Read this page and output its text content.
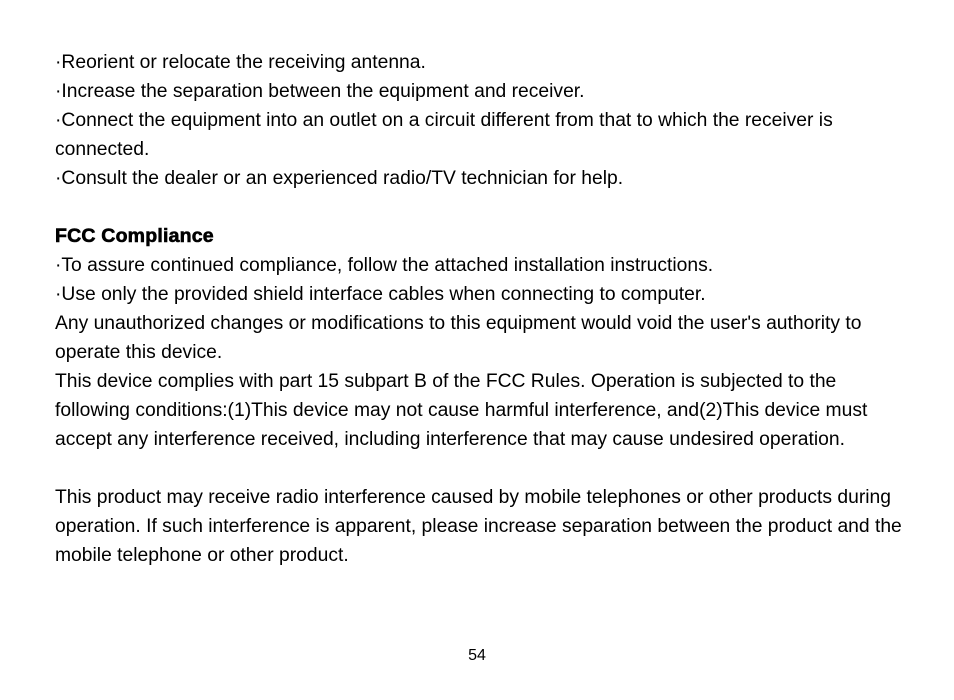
·Reorient or relocate the receiving antenna.
·Increase the separation between the equipment and receiver.
·Connect the equipment into an outlet on a circuit different from that to which the receiver is connected.
·Consult the dealer or an experienced radio/TV technician for help.
FCC Compliance
·To assure continued compliance, follow the attached installation instructions.
·Use only the provided shield interface cables when connecting to computer.
Any unauthorized changes or modifications to this equipment would void the user's authority to operate this device.
This device complies with part 15 subpart B of the FCC Rules. Operation is subjected to the following conditions:(1)This device may not cause harmful interference, and(2)This device must accept any interference received, including interference that may cause undesired operation.
This product may receive radio interference caused by mobile telephones or other products during operation. If such interference is apparent, please increase separation between the product and the mobile telephone or other product.
54
